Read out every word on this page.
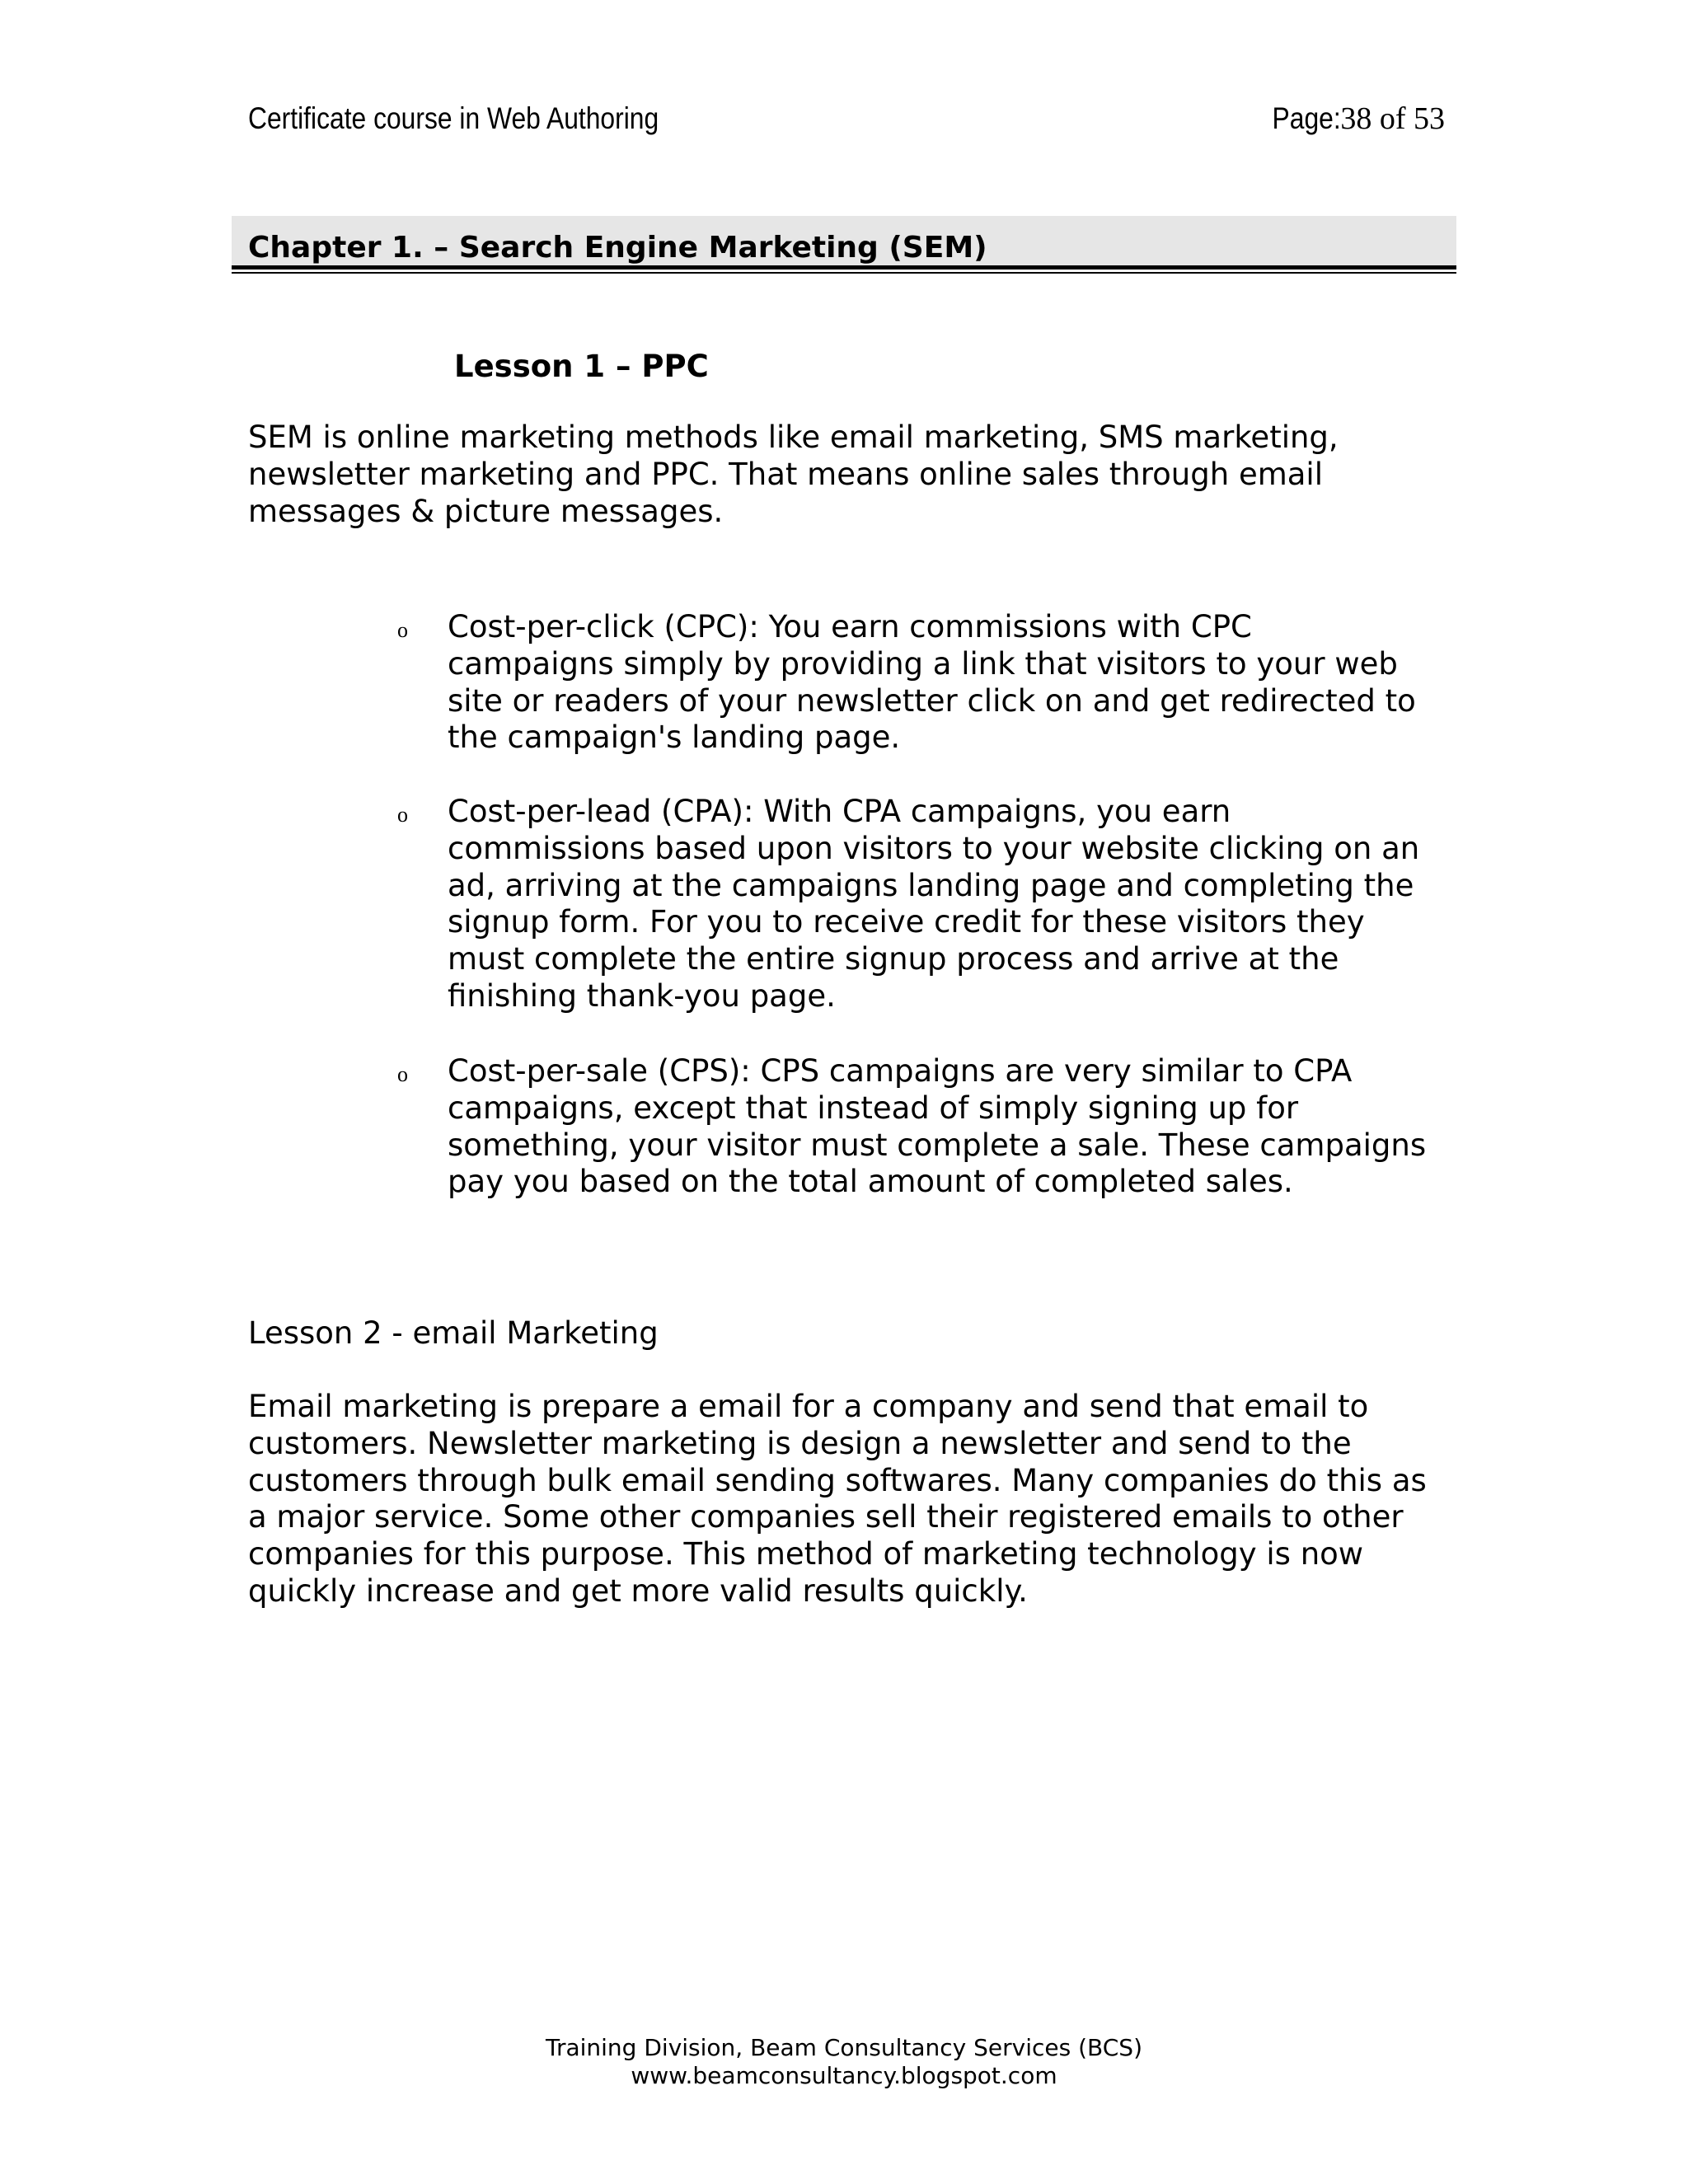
Certificate course in Web Authoring	Page:38 of 53
Chapter 1. – Search Engine Marketing (SEM)
Lesson 1 – PPC
SEM is online marketing methods like email marketing, SMS marketing,
newsletter marketing and PPC. That means online sales through email
messages & picture messages.
o Cost-per-click (CPC): You earn commissions with CPC
campaigns simply by providing a link that visitors to your web
site or readers of your newsletter click on and get redirected to
the campaign's landing page.
o Cost-per-lead (CPA): With CPA campaigns, you earn
commissions based upon visitors to your website clicking on an
ad, arriving at the campaigns landing page and completing the
signup form. For you to receive credit for these visitors they
must complete the entire signup process and arrive at the
finishing thank-you page.
o Cost-per-sale (CPS): CPS campaigns are very similar to CPA
campaigns, except that instead of simply signing up for
something, your visitor must complete a sale. These campaigns
pay you based on the total amount of completed sales.
Lesson 2 - email Marketing
Email marketing is prepare a email for a company and send that email to
customers. Newsletter marketing is design a newsletter and send to the
customers through bulk email sending softwares. Many companies do this as
a major service. Some other companies sell their registered emails to other
companies for this purpose. This method of marketing technology is now
quickly increase and get more valid results quickly.
Training Division, Beam Consultancy Services (BCS)
www.beamconsultancy.blogspot.com
